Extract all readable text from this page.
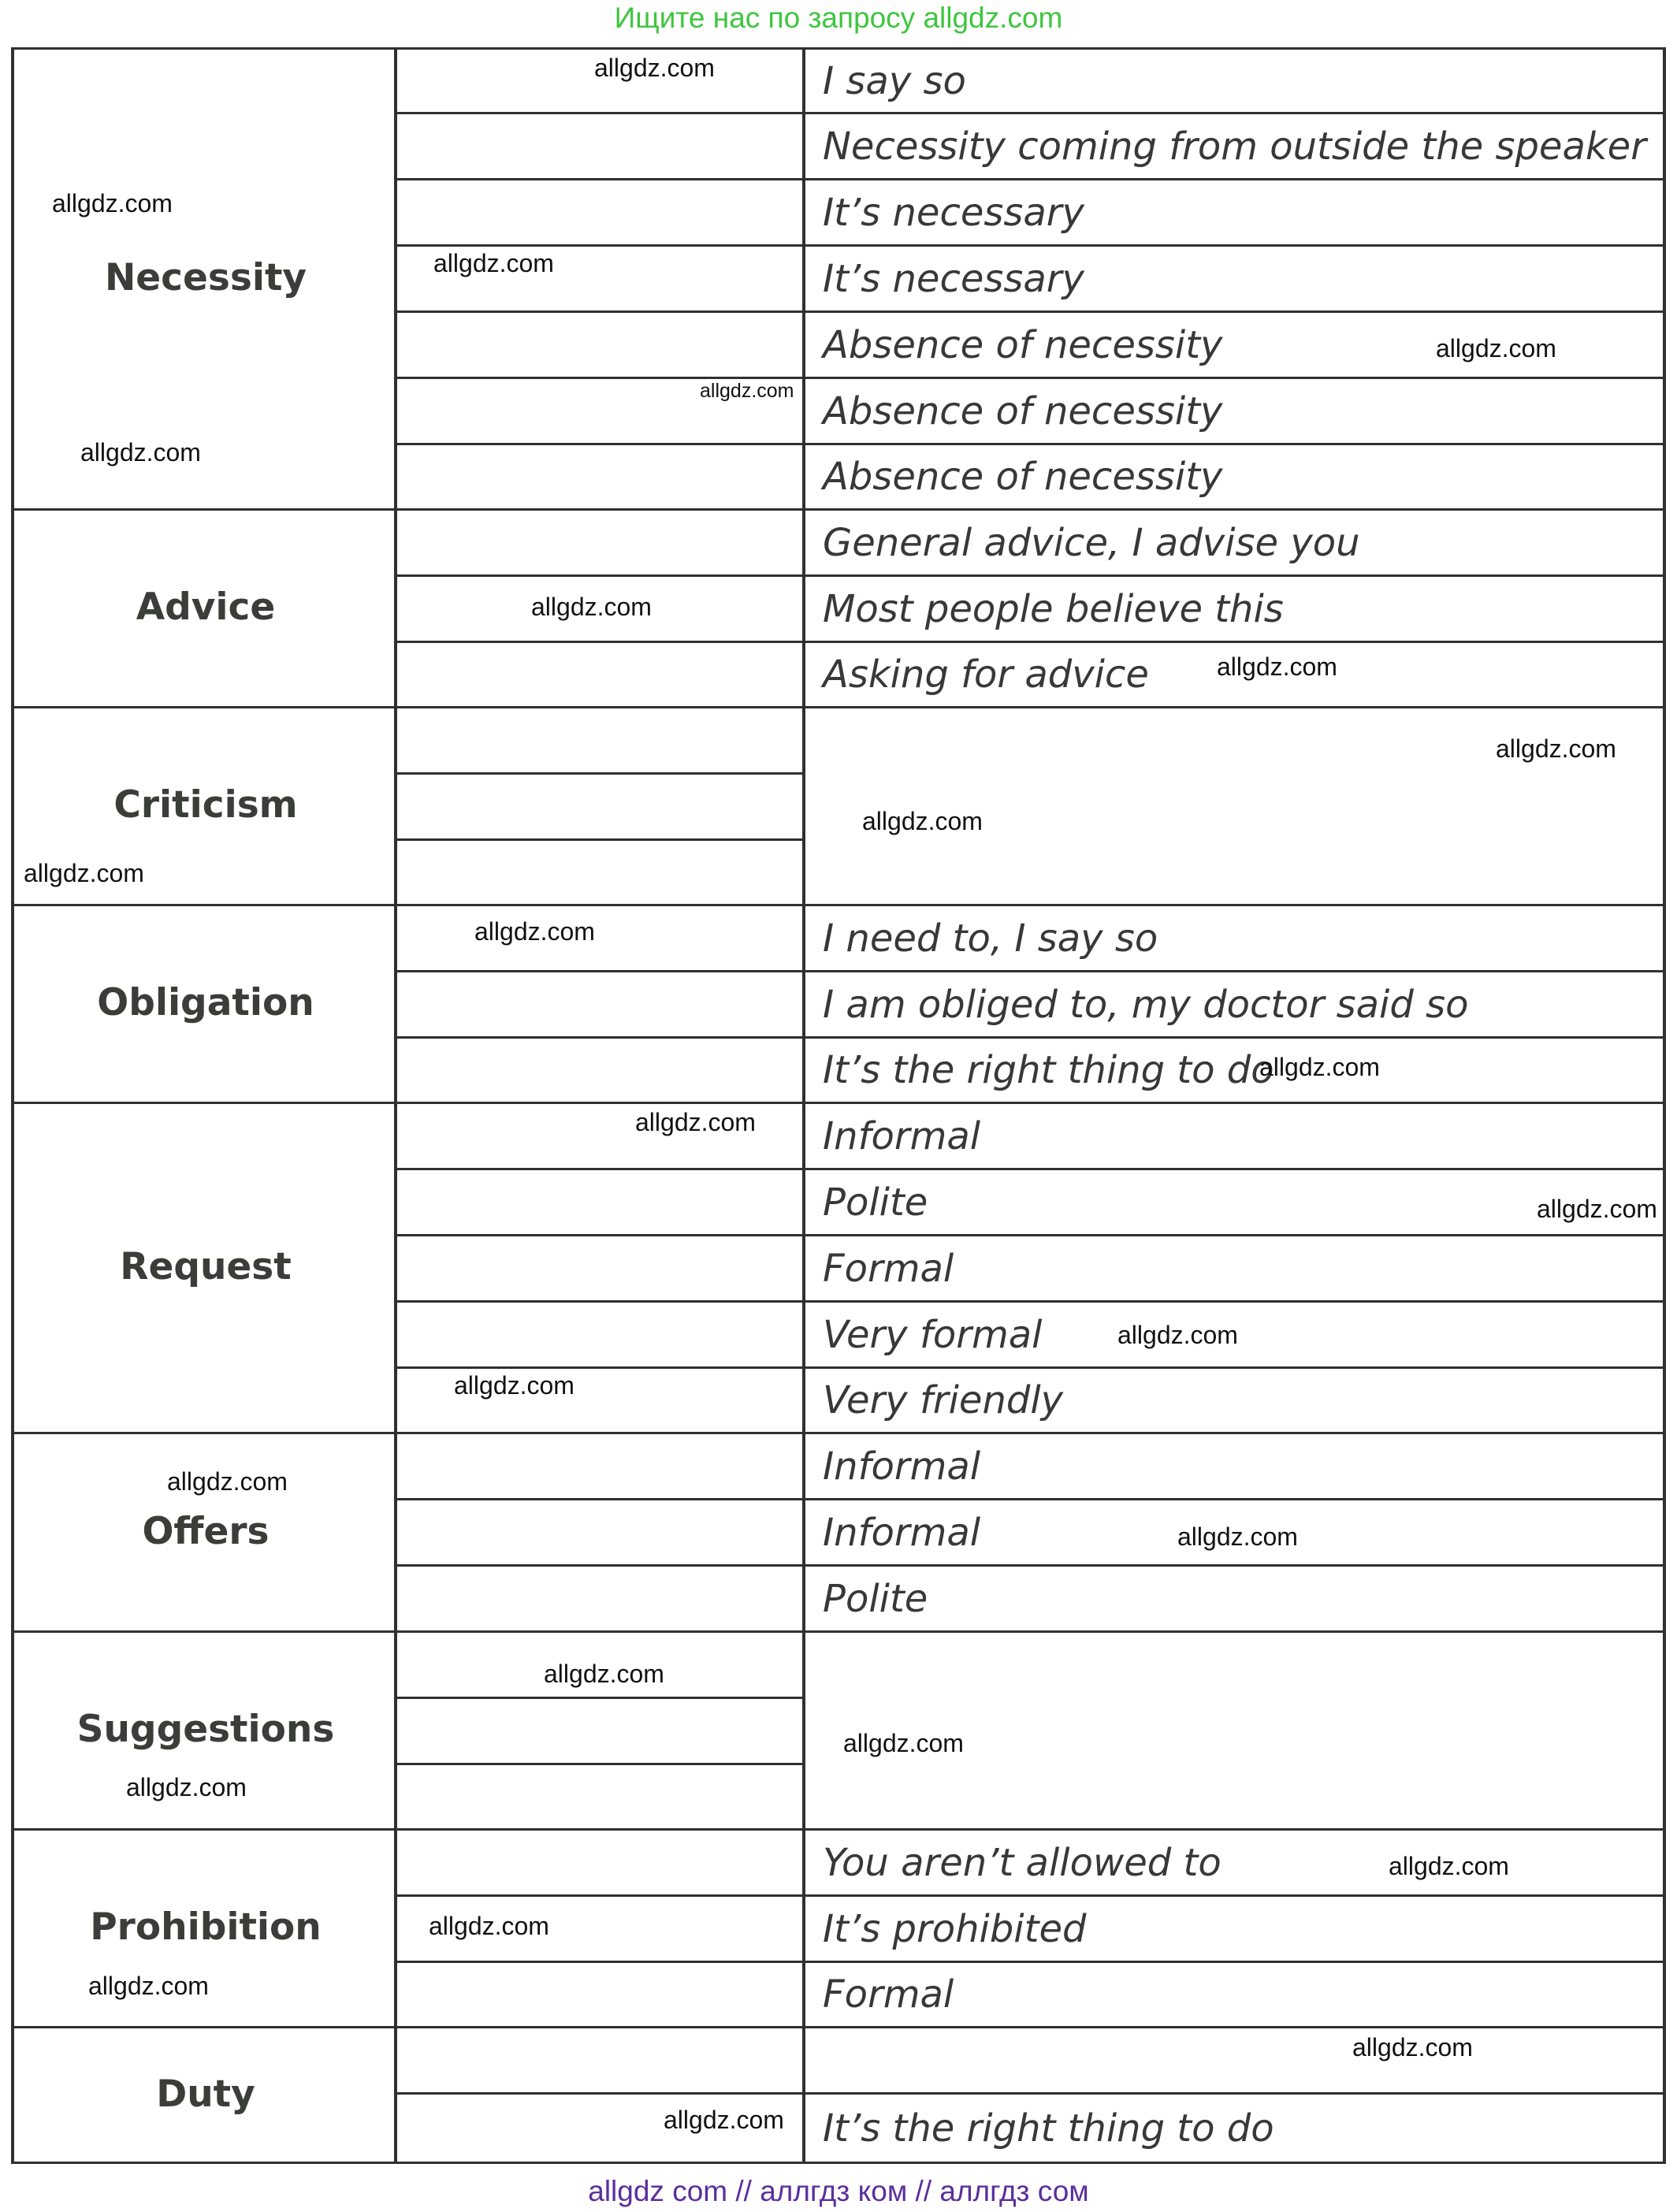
Ищите нас по запросу allgdz.com
Necessity
Advice
Criticism
Obligation
Request
Offers
Suggestions
Prohibition
Duty
I say so
Necessity coming from outside the speaker
It’s necessary
It’s necessary
Absence of necessity
Absence of necessity
Absence of necessity
General advice, I advise you
Most people believe this
Asking for advice
I need to, I say so
I am obliged to, my doctor said so
It’s the right thing to do
Informal
Polite
Formal
Very formal
Very friendly
Informal
Informal
Polite
You aren’t allowed to
It’s prohibited
Formal
It’s the right thing to do
allgdz.com
allgdz.com
allgdz.com
allgdz.com
allgdz.com
allgdz.com
allgdz.com
allgdz.com
allgdz.com
allgdz.com
allgdz.com
allgdz.com
allgdz.com
allgdz.com
allgdz.com
allgdz.com
allgdz.com
allgdz.com
allgdz.com
allgdz.com
allgdz.com
allgdz.com
allgdz.com
allgdz.com
allgdz.com
allgdz.com
allgdz.com
allgdz com // аллгдз ком // аллгдз сом
